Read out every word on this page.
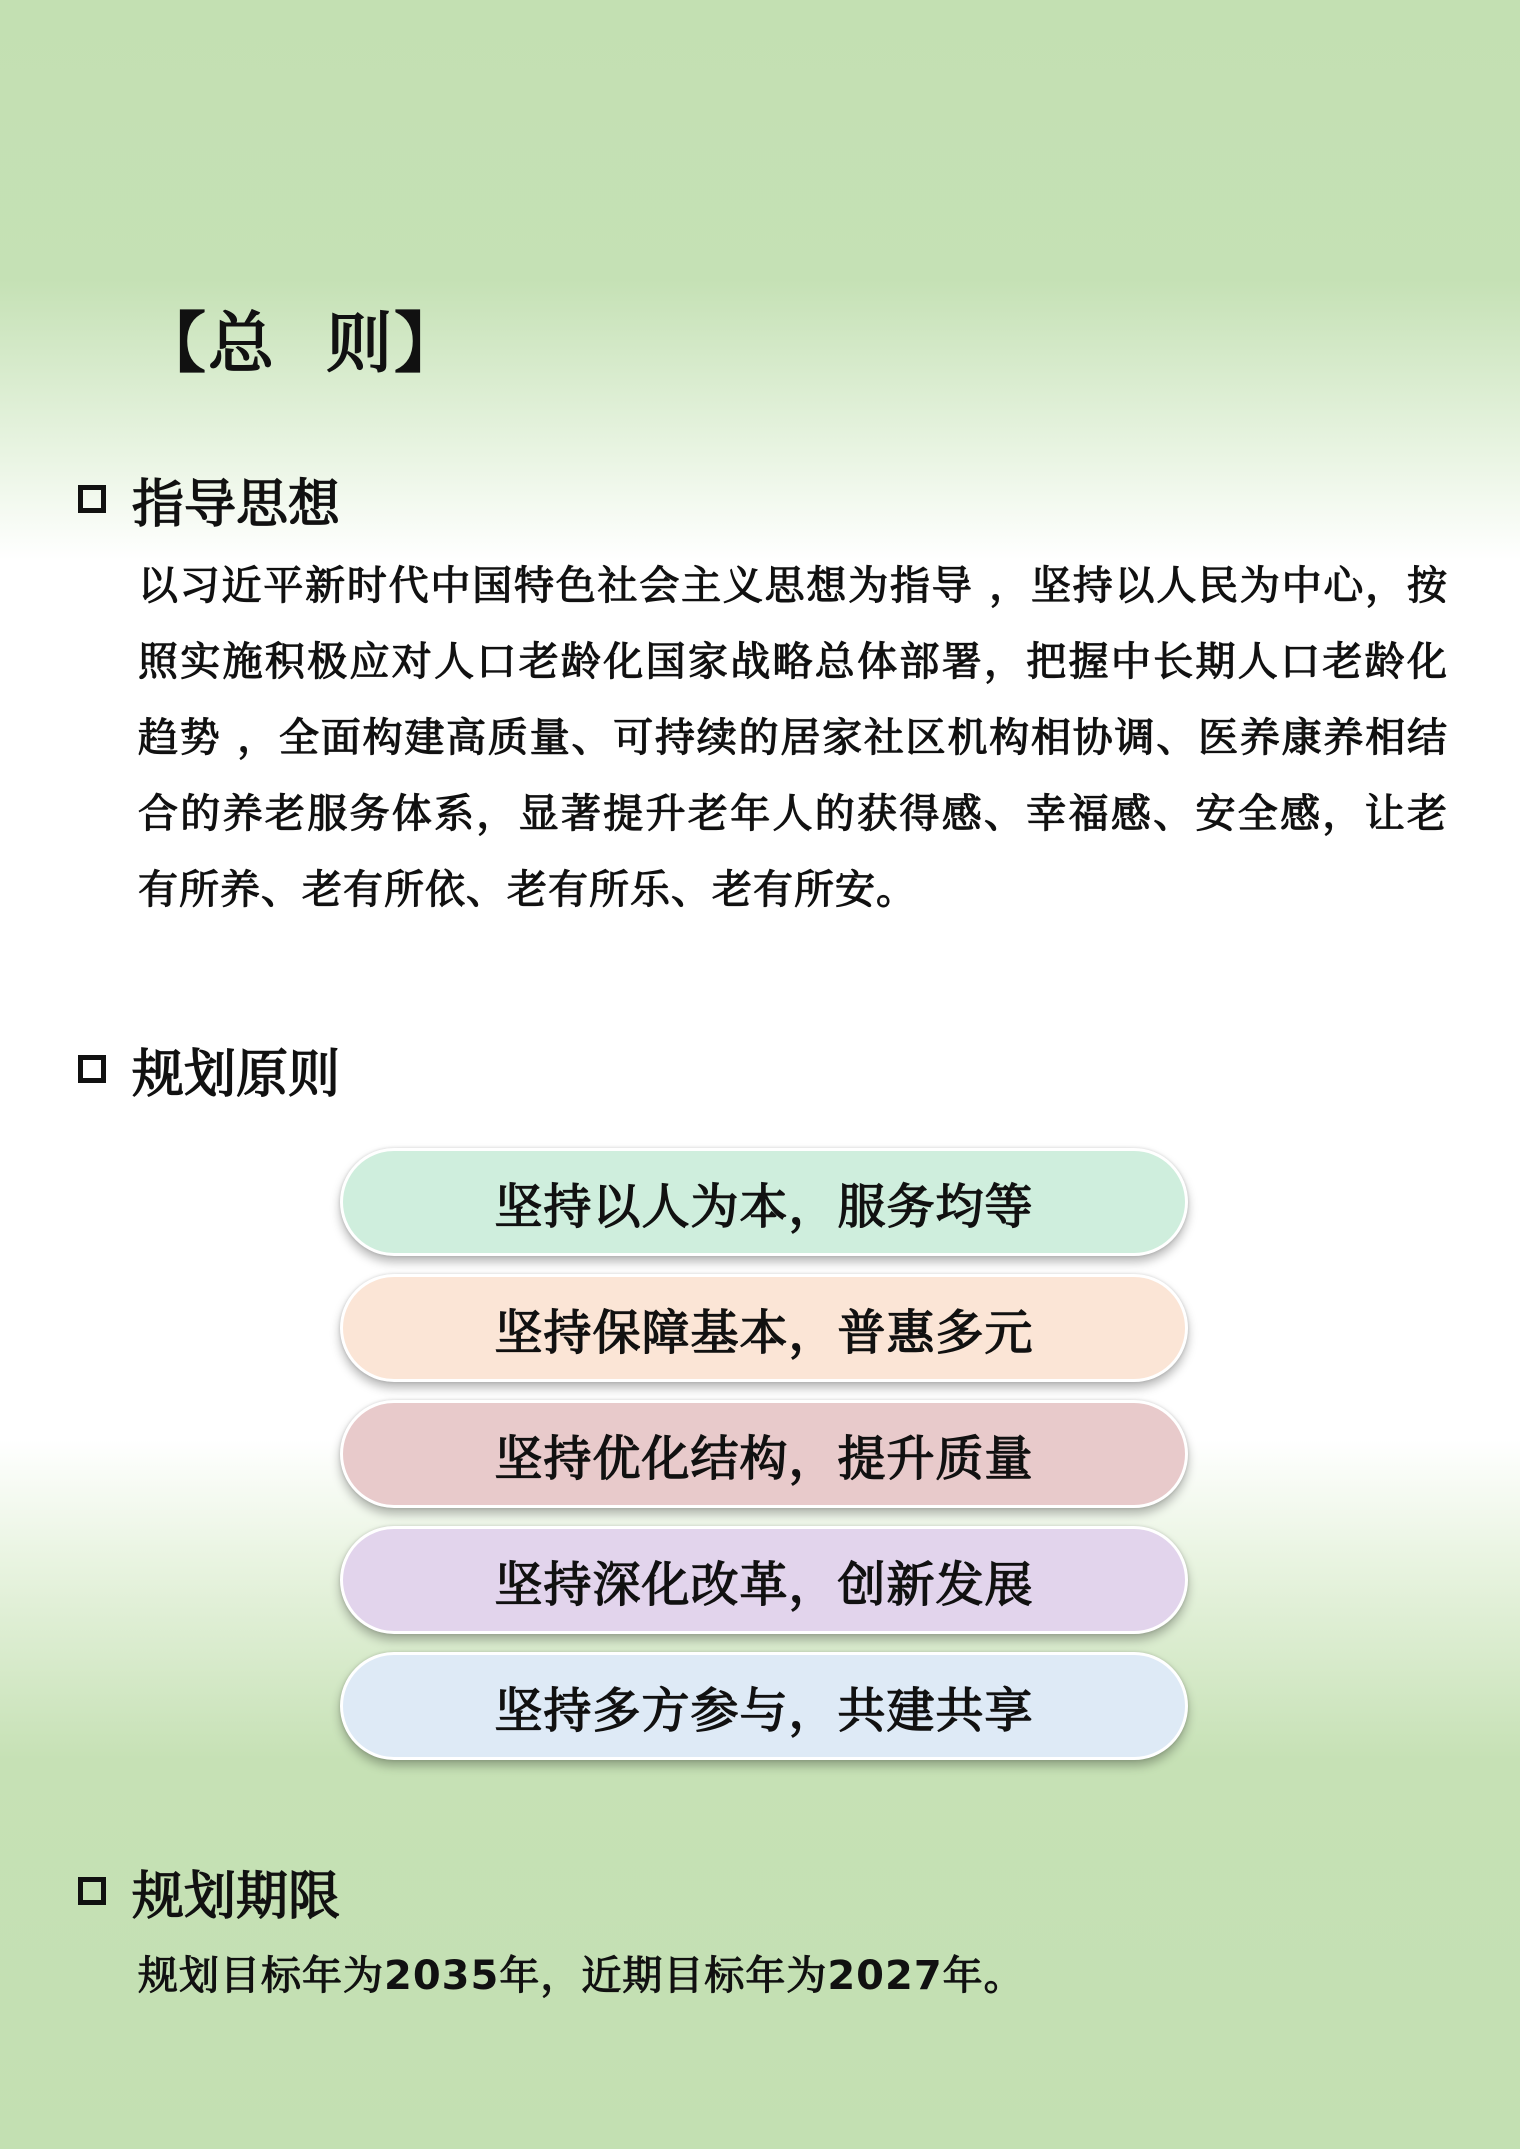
【总  则】
指导思想

以习近平新时代中国特色社会主义思想为指导 ，坚持以人民为中心，按照实施积极应对人口老龄化国家战略总体部署，把握中长期人口老龄化趋势 ，全面构建高质量、可持续的居家社区机构相协调、医养康养相结合的养老服务体系，显著提升老年人的获得感、幸福感、安全感，让老有所养、老有所依、老有所乐、老有所安。

规划原则
坚持以人为本，服务均等
坚持保障基本，普惠多元
坚持优化结构，提升质量
坚持深化改革，创新发展
坚持多方参与，共建共享
规划期限

规划目标年为2035年，近期目标年为2027年。
